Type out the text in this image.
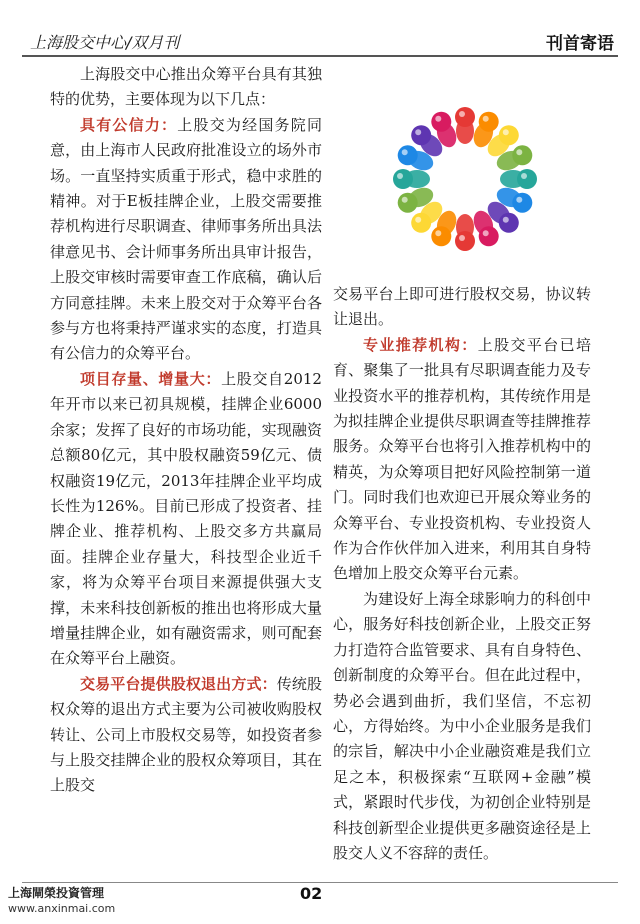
上海股交中心/双月刊	刊首寄语

上海股交中心推出众筹平台具有其独特的优势，主要体现为以下几点：

具有公信力：上股交为经国务院同意，由上海市人民政府批准设立的场外市场。一直坚持实质重于形式，稳中求胜的精神。对于E板挂牌企业，上股交需要推荐机构进行尽职调查、律师事务所出具法律意见书、会计师事务所出具审计报告，上股交审核时需要审查工作底稿，确认后方同意挂牌。未来上股交对于众筹平台各参与方也将秉持严谨求实的态度，打造具有公信力的众筹平台。

项目存量、增量大：上股交自2012年开市以来已初具规模，挂牌企业6000余家；发挥了良好的市场功能，实现融资总额80亿元，其中股权融资59亿元、债权融资19亿元，2013年挂牌企业平均成长性为126%。目前已形成了投资者、挂牌企业、推荐机构、上股交多方共赢局面。挂牌企业存量大，科技型企业近千家，将为众筹平台项目来源提供强大支撑，未来科技创新板的推出也将形成大量增量挂牌企业，如有融资需求，则可配套在众筹平台上融资。

交易平台提供股权退出方式：传统股权众筹的退出方式主要为公司被收购股权转让、公司上市股权交易等，如投资者参与上股交挂牌企业的股权众筹项目，其在上股交

交易平台上即可进行股权交易，协议转让退出。

专业推荐机构：上股交平台已培育、聚集了一批具有尽职调查能力及专业投资水平的推荐机构，其传统作用是为拟挂牌企业提供尽职调查等挂牌推荐服务。众筹平台也将引入推荐机构中的精英，为众筹项目把好风险控制第一道门。同时我们也欢迎已开展众筹业务的众筹平台、专业投资机构、专业投资人作为合作伙伴加入进来，利用其自身特色增加上股交众筹平台元素。

为建设好上海全球影响力的科创中心，服务好科技创新企业，上股交正努力打造符合监管要求、具有自身特色、创新制度的众筹平台。但在此过程中，势必会遇到曲折，我们坚信，不忘初心，方得始终。为中小企业服务是我们的宗旨，解决中小企业融资难是我们立足之本，积极探索“互联网+金融”模式，紧跟时代步伐，为初创企业特别是科技创新型企业提供更多融资途径是上股交人义不容辞的责任。

上海閘榮投資管理
www.anxinmai.com
02
